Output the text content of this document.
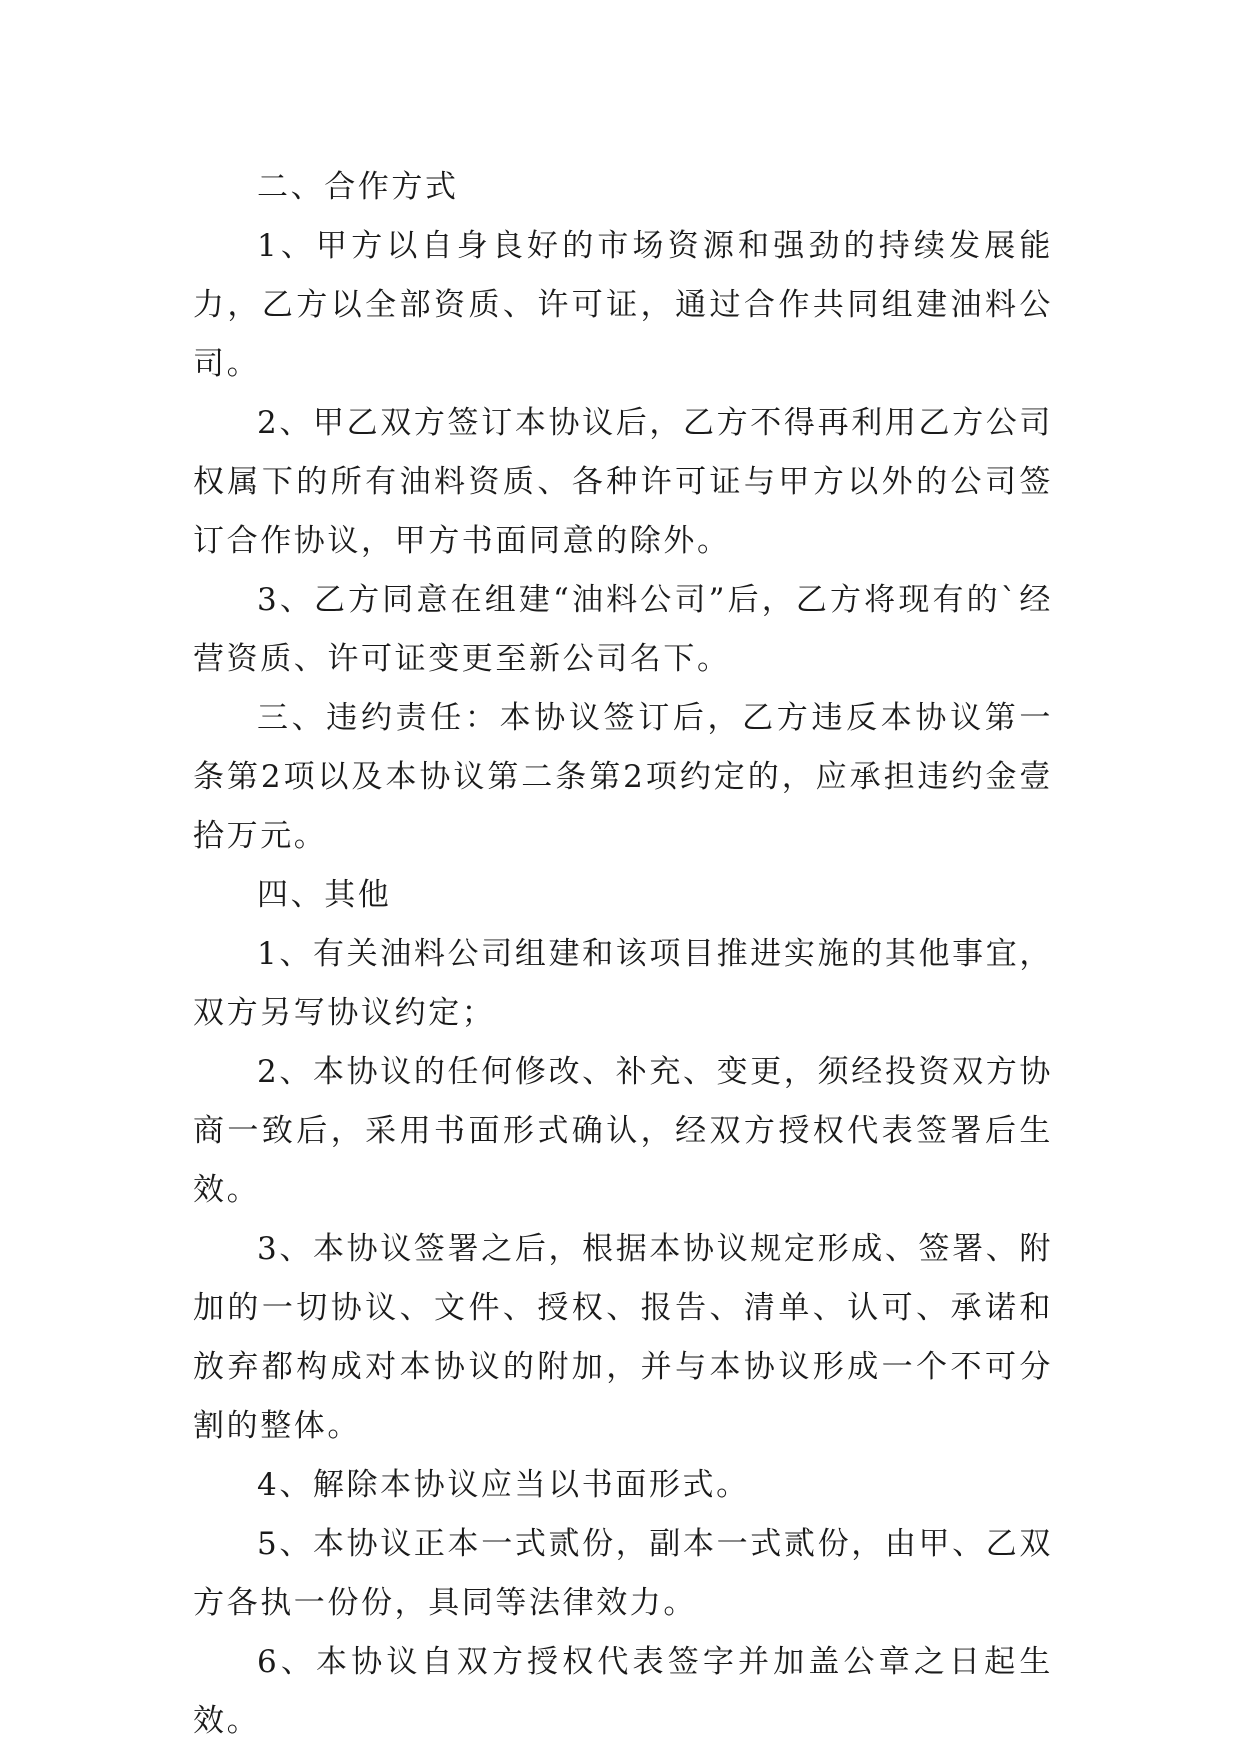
二、合作方式

1、甲方以自身良好的市场资源和强劲的持续发展能力，乙方以全部资质、许可证，通过合作共同组建油料公司。

2、甲乙双方签订本协议后，乙方不得再利用乙方公司权属下的所有油料资质、各种许可证与甲方以外的公司签订合作协议，甲方书面同意的除外。

3、乙方同意在组建“油料公司”后，乙方将现有的`经营资质、许可证变更至新公司名下。

三、违约责任：本协议签订后，乙方违反本协议第一条第2项以及本协议第二条第2项约定的，应承担违约金壹拾万元。

四、其他

1、有关油料公司组建和该项目推进实施的其他事宜，双方另写协议约定；

2、本协议的任何修改、补充、变更，须经投资双方协商一致后，采用书面形式确认，经双方授权代表签署后生效。

3、本协议签署之后，根据本协议规定形成、签署、附加的一切协议、文件、授权、报告、清单、认可、承诺和放弃都构成对本协议的附加，并与本协议形成一个不可分割的整体。

4、解除本协议应当以书面形式。

5、本协议正本一式贰份，副本一式贰份，由甲、乙双方各执一份份，具同等法律效力。

6、本协议自双方授权代表签字并加盖公章之日起生效。
